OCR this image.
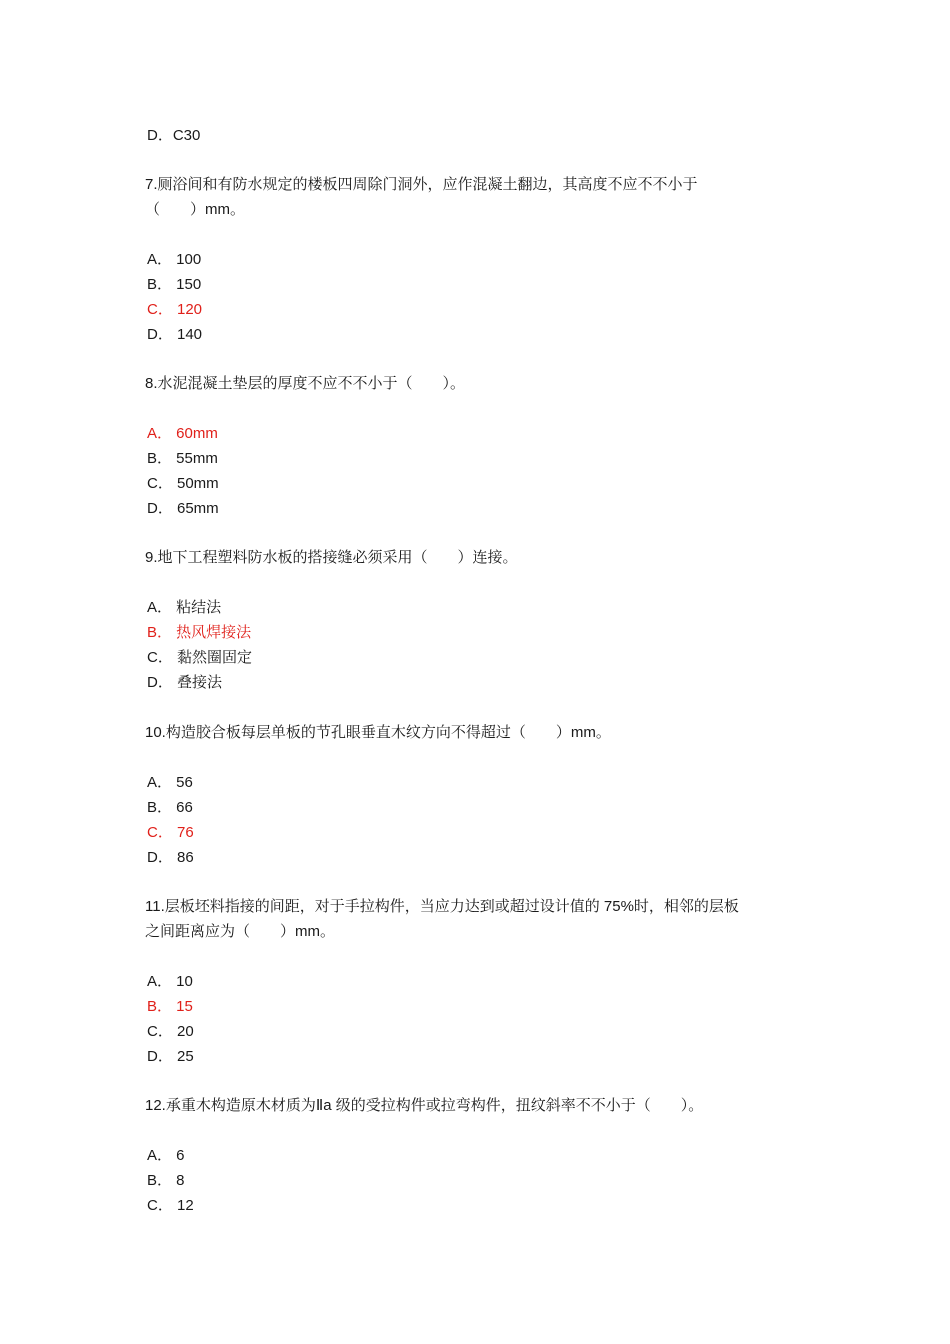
D．C30
7.厕浴间和有防水规定的楼板四周除门洞外，应作混凝土翻边，其高度不应不不小于
（　　）mm。
A． 100
B． 150
C． 120
D． 140
8.水泥混凝土垫层的厚度不应不不小于（　　）。
A． 60mm
B． 55mm
C． 50mm
D． 65mm
9.地下工程塑料防水板的搭接缝必须采用（　　）连接。
A． 粘结法
B． 热风焊接法
C． 黏然圈固定
D． 叠接法
10.构造胶合板每层单板的节孔眼垂直木纹方向不得超过（　　）mm。
A． 56
B． 66
C． 76
D． 86
11.层板坯料指接的间距，对于手拉构件，当应力达到或超过设计值的 75%时，相邻的层板
之间距离应为（　　）mm。
A． 10
B． 15
C． 20
D． 25
12.承重木构造原木材质为Ⅱa 级的受拉构件或拉弯构件，扭纹斜率不不小于（　　）。
A． 6
B． 8
C． 12
